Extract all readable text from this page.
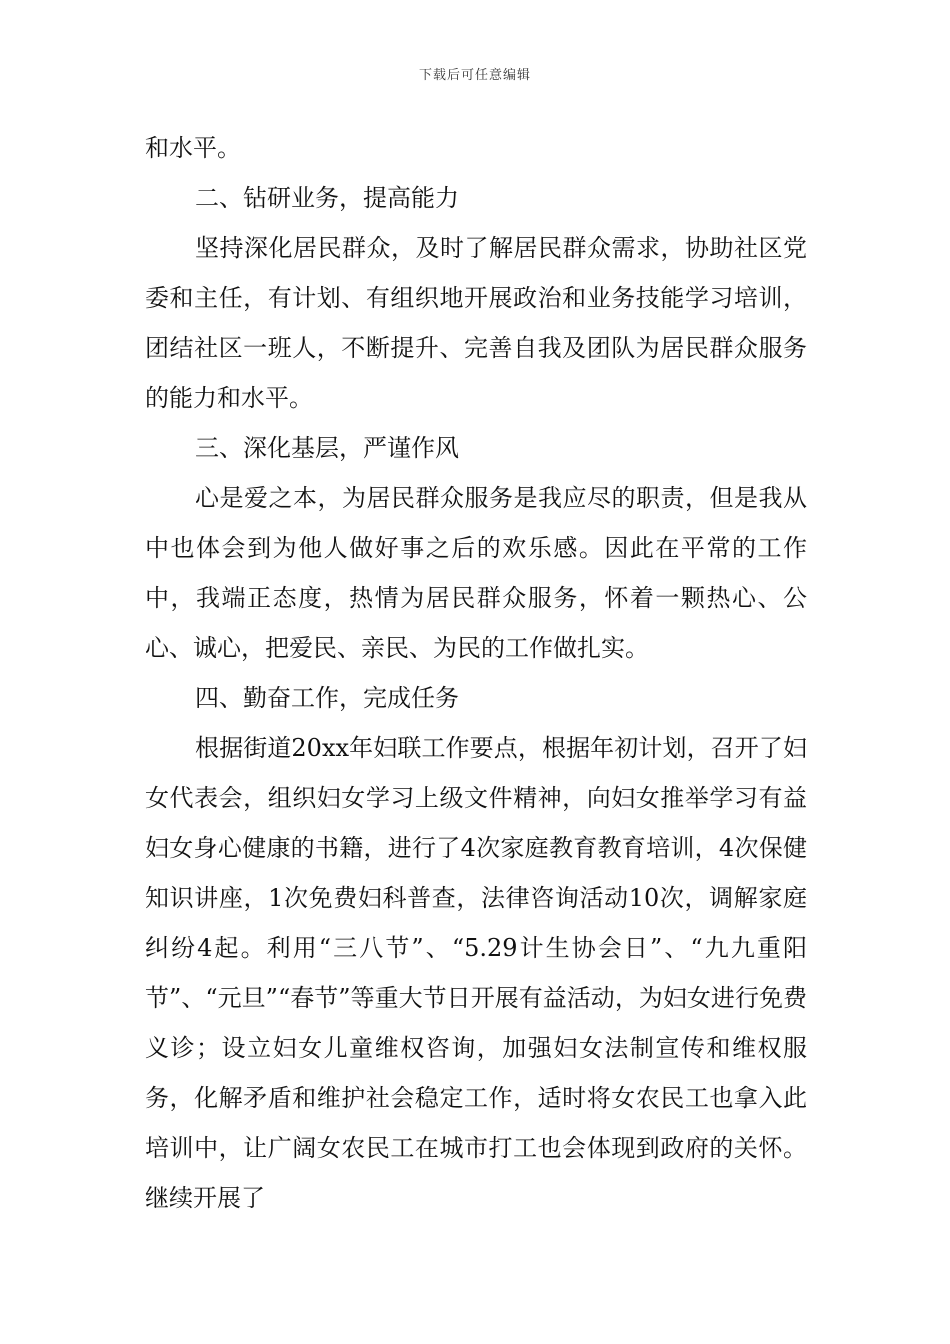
下载后可任意编辑

和水平。

二、钻研业务，提高能力

坚持深化居民群众，及时了解居民群众需求，协助社区党委和主任，有计划、有组织地开展政治和业务技能学习培训，团结社区一班人，不断提升、完善自我及团队为居民群众服务的能力和水平。

三、深化基层，严谨作风

心是爱之本，为居民群众服务是我应尽的职责，但是我从中也体会到为他人做好事之后的欢乐感。因此在平常的工作中，我端正态度，热情为居民群众服务，怀着一颗热心、公心、诚心，把爱民、亲民、为民的工作做扎实。

四、勤奋工作，完成任务

根据街道20xx年妇联工作要点，根据年初计划，召开了妇女代表会，组织妇女学习上级文件精神，向妇女推举学习有益妇女身心健康的书籍，进行了4次家庭教育教育培训，4次保健知识讲座，1次免费妇科普查，法律咨询活动10次，调解家庭纠纷4起。利用“三八节”、“5.29计生协会日”、“九九重阳节”、“元旦”“春节”等重大节日开展有益活动，为妇女进行免费义诊；设立妇女儿童维权咨询，加强妇女法制宣传和维权服务，化解矛盾和维护社会稳定工作，适时将女农民工也拿入此培训中，让广阔女农民工在城市打工也会体现到政府的关怀。继续开展了
